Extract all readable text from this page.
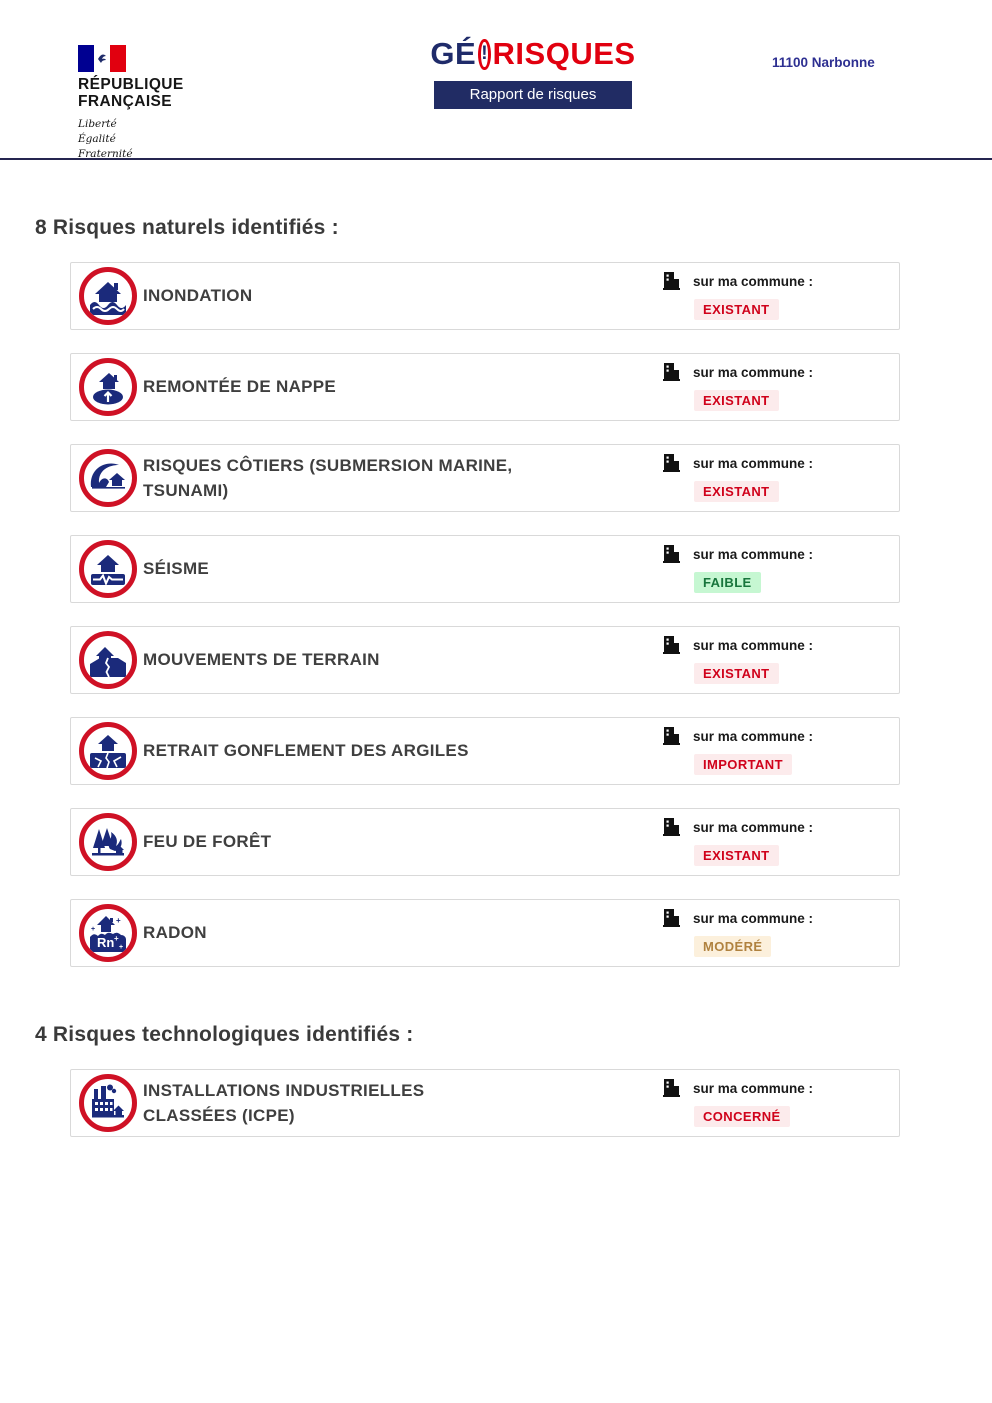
RÉPUBLIQUE
FRANÇAISE
Liberté
Égalité
Fraternité
GÉ ! RISQUES
Rapport de risques
11100 Narbonne
8 Risques naturels identifiés :
INONDATION
sur ma commune :
EXISTANT
REMONTÉE DE NAPPE
sur ma commune :
EXISTANT
RISQUES CÔTIERS (SUBMERSION MARINE, TSUNAMI)
sur ma commune :
EXISTANT
SÉISME
sur ma commune :
FAIBLE
MOUVEMENTS DE TERRAIN
sur ma commune :
EXISTANT
RETRAIT GONFLEMENT DES ARGILES
sur ma commune :
IMPORTANT
FEU DE FORÊT
sur ma commune :
EXISTANT
+
+
Rn +
+
RADON
sur ma commune :
MODÉRÉ
4 Risques technologiques identifiés :
INSTALLATIONS INDUSTRIELLES CLASSÉES (ICPE)
sur ma commune :
CONCERNÉ
